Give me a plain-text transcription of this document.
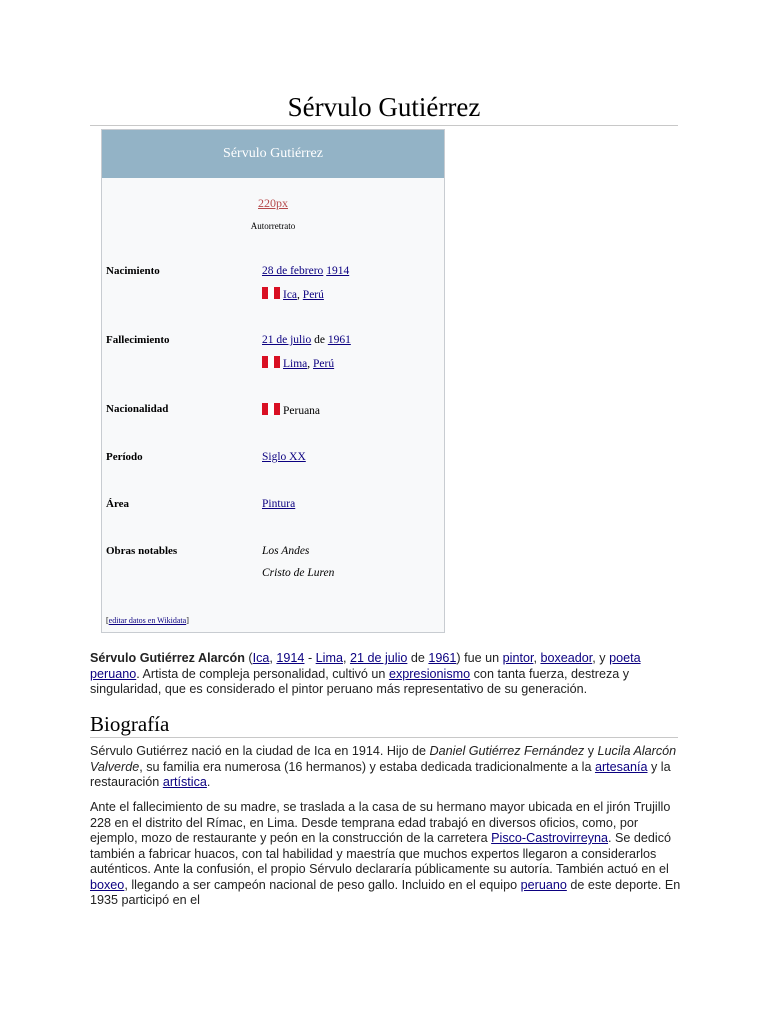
Sérvulo Gutiérrez
Sérvulo Gutiérrez
220px
Autorretrato
Nacimiento	28 de febrero 1914
Ica, Perú
Fallecimiento	21 de julio de 1961
Lima, Perú
Nacionalidad	Peruana
Período	Siglo XX
Área	Pintura
Obras notables	Los Andes
Cristo de Luren
[editar datos en Wikidata]

Sérvulo Gutiérrez Alarcón (Ica, 1914 - Lima, 21 de julio de 1961) fue un pintor, boxeador, y poeta peruano. Artista de compleja personalidad, cultivó un expresionismo con tanta fuerza, destreza y singularidad, que es considerado el pintor peruano más representativo de su generación.

Biografía

Sérvulo Gutiérrez nació en la ciudad de Ica en 1914. Hijo de Daniel Gutiérrez Fernández y Lucila Alarcón Valverde, su familia era numerosa (16 hermanos) y estaba dedicada tradicionalmente a la artesanía y la restauración artística.

Ante el fallecimiento de su madre, se traslada a la casa de su hermano mayor ubicada en el jirón Trujillo 228 en el distrito del Rímac, en Lima. Desde temprana edad trabajó en diversos oficios, como, por ejemplo, mozo de restaurante y peón en la construcción de la carretera Pisco-Castrovirreyna. Se dedicó también a fabricar huacos, con tal habilidad y maestría que muchos expertos llegaron a considerarlos auténticos. Ante la confusión, el propio Sérvulo declararía públicamente su autoría. También actuó en el boxeo, llegando a ser campeón nacional de peso gallo. Incluido en el equipo peruano de este deporte. En 1935 participó en el
